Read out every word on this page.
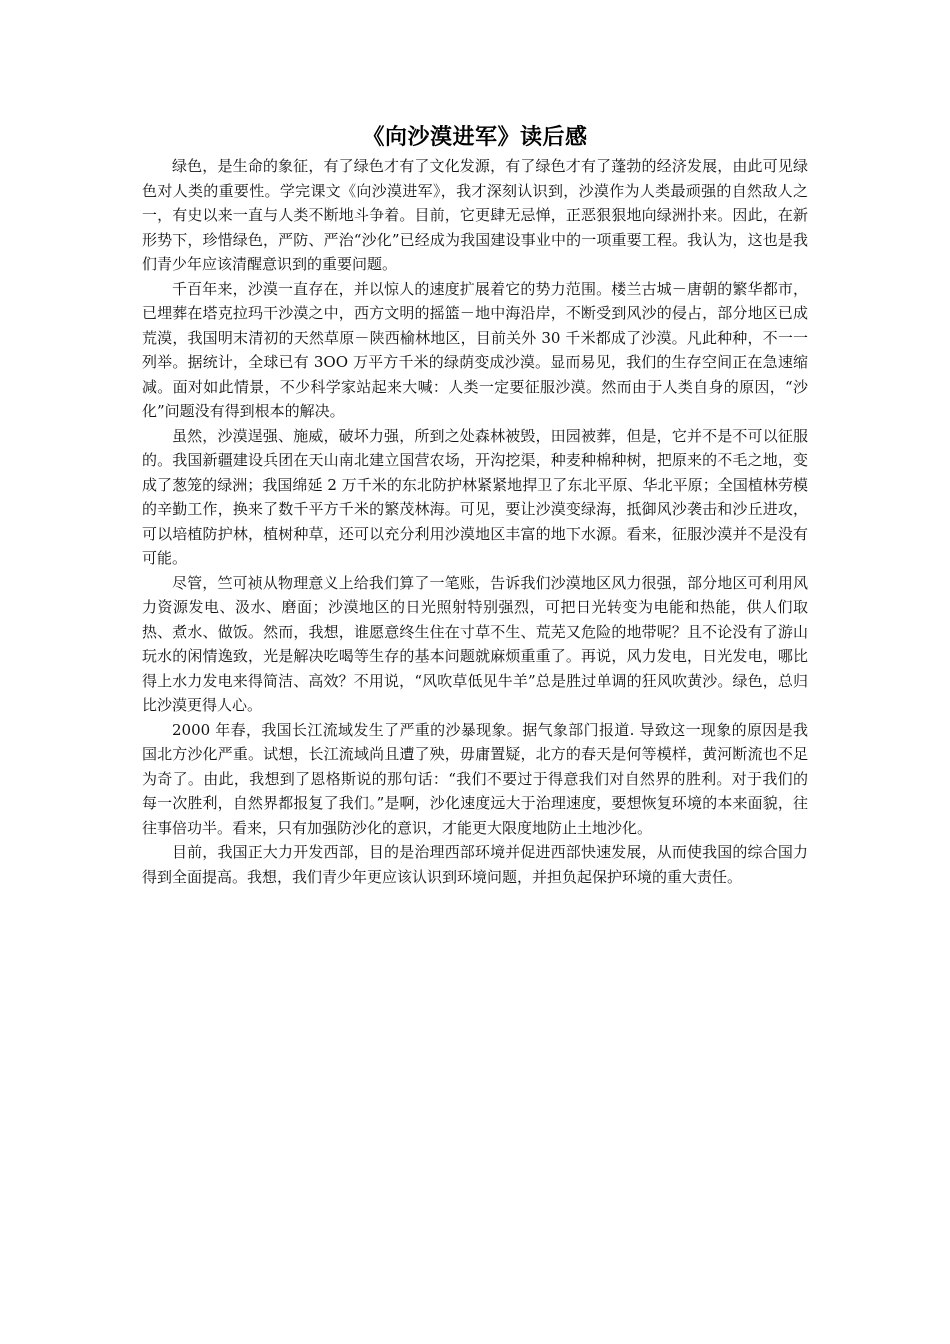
《向沙漠进军》读后感

绿色，是生命的象征，有了绿色才有了文化发源，有了绿色才有了蓬勃的经济发展，由此可见绿色对人类的重要性。学完课文《向沙漠进军》，我才深刻认识到，沙漠作为人类最顽强的自然敌人之一，有史以来一直与人类不断地斗争着。目前，它更肆无忌惮，正恶狠狠地向绿洲扑来。因此，在新形势下，珍惜绿色，严防、严治“沙化”已经成为我国建设事业中的一项重要工程。我认为，这也是我们青少年应该清醒意识到的重要问题。

千百年来，沙漠一直存在，并以惊人的速度扩展着它的势力范围。楼兰古城－唐朝的繁华都市，已埋葬在塔克拉玛干沙漠之中，西方文明的摇篮－地中海沿岸，不断受到风沙的侵占，部分地区已成荒漠，我国明末清初的天然草原－陕西榆林地区，目前关外 30 千米都成了沙漠。凡此种种，不一一列举。据统计，全球已有 3OO 万平方千米的绿荫变成沙漠。显而易见，我们的生存空间正在急速缩减。面对如此情景，不少科学家站起来大喊：人类一定要征服沙漠。然而由于人类自身的原因，“沙化”问题没有得到根本的解决。

虽然，沙漠逞强、施威，破坏力强，所到之处森林被毁，田园被葬，但是，它并不是不可以征服的。我国新疆建设兵团在天山南北建立国营农场，开沟挖渠，种麦种棉种树，把原来的不毛之地，变成了葱笼的绿洲；我国绵延 2 万千米的东北防护林紧紧地捍卫了东北平原、华北平原；全国植林劳模的辛勤工作，换来了数千平方千米的繁茂林海。可见，要让沙漠变绿海，抵御风沙袭击和沙丘进攻，可以培植防护林，植树种草，还可以充分利用沙漠地区丰富的地下水源。看来，征服沙漠并不是没有可能。

尽管，竺可祯从物理意义上给我们算了一笔账，告诉我们沙漠地区风力很强，部分地区可利用风力资源发电、汲水、磨面；沙漠地区的日光照射特别强烈，可把日光转变为电能和热能，供人们取热、煮水、做饭。然而，我想，谁愿意终生住在寸草不生、荒芜又危险的地带呢？且不论没有了游山玩水的闲情逸致，光是解决吃喝等生存的基本问题就麻烦重重了。再说，风力发电，日光发电，哪比得上水力发电来得简洁、高效？不用说，“风吹草低见牛羊”总是胜过单调的狂风吹黄沙。绿色，总归比沙漠更得人心。

2000 年春，我国长江流域发生了严重的沙暴现象。据气象部门报道. 导致这一现象的原因是我国北方沙化严重。试想，长江流域尚且遭了殃，毋庸置疑，北方的春天是何等模样，黄河断流也不足为奇了。由此，我想到了恩格斯说的那句话：“我们不要过于得意我们对自然界的胜利。对于我们的每一次胜利，自然界都报复了我们。”是啊，沙化速度远大于治理速度，要想恢复环境的本来面貌，往往事倍功半。看来，只有加强防沙化的意识，才能更大限度地防止土地沙化。

目前，我国正大力开发西部，目的是治理西部环境并促进西部快速发展，从而使我国的综合国力得到全面提高。我想，我们青少年更应该认识到环境问题，并担负起保护环境的重大责任。
